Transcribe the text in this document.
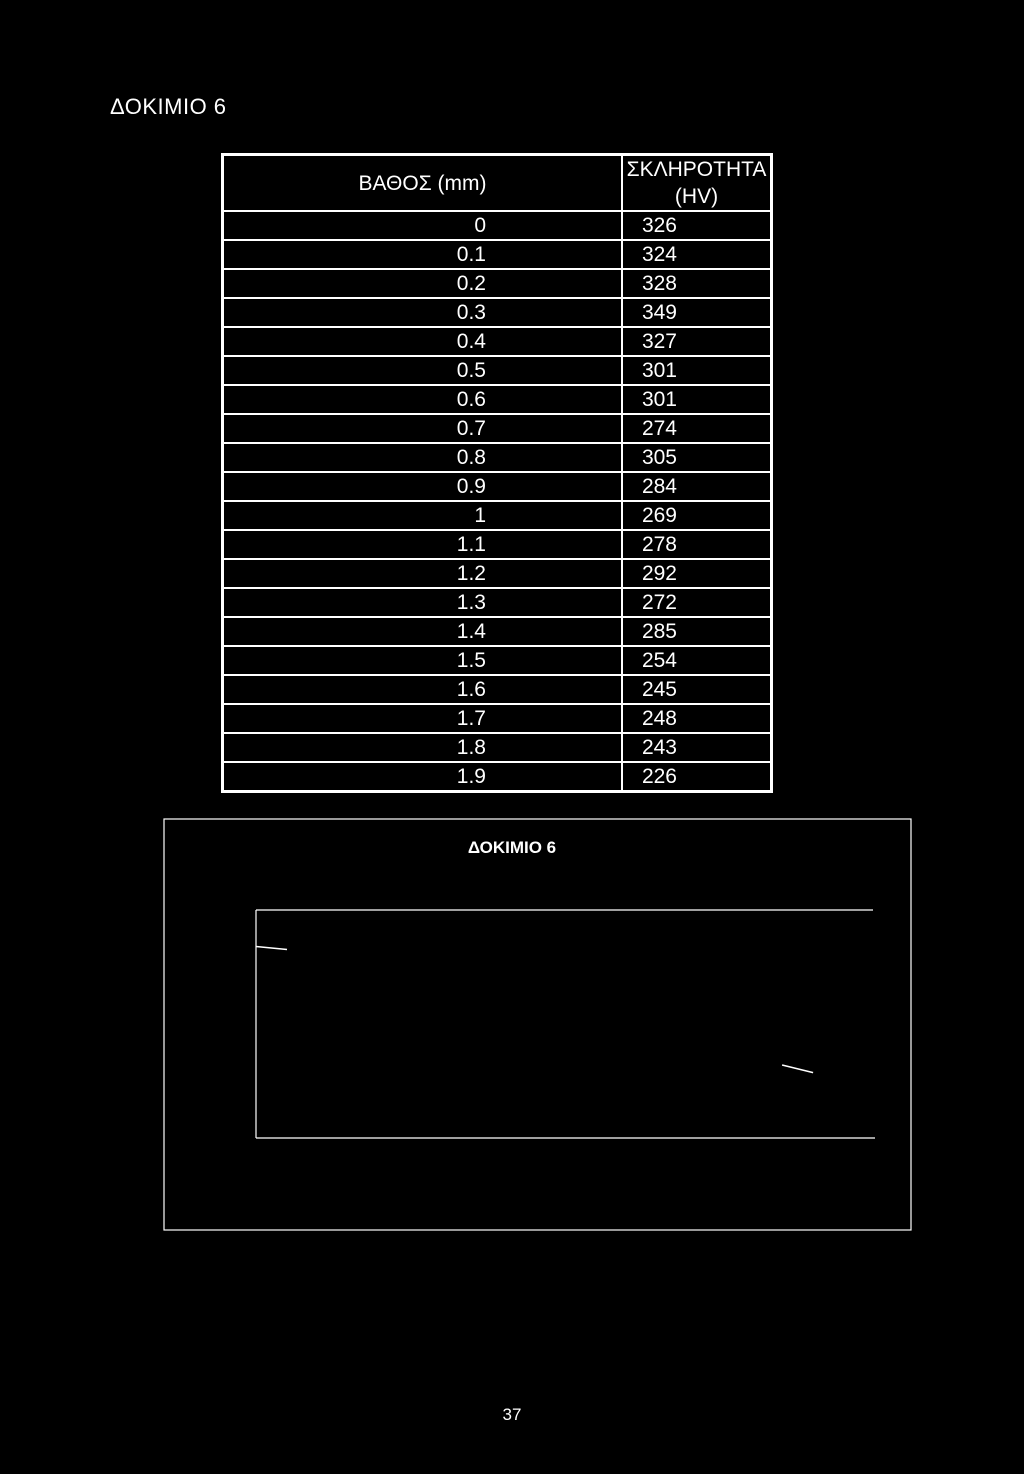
ΔΟΚΙΜΙΟ 6
ΒΑΘΟΣ (mm)	ΣΚΛΗΡΟΤΗΤΑ (HV)
0	326
0.1	324
0.2	328
0.3	349
0.4	327
0.5	301
0.6	301
0.7	274
0.8	305
0.9	284
1	269
1.1	278
1.2	292
1.3	272
1.4	285
1.5	254
1.6	245
1.7	248
1.8	243
1.9	226
ΔΟΚΙΜΙΟ 6
37
